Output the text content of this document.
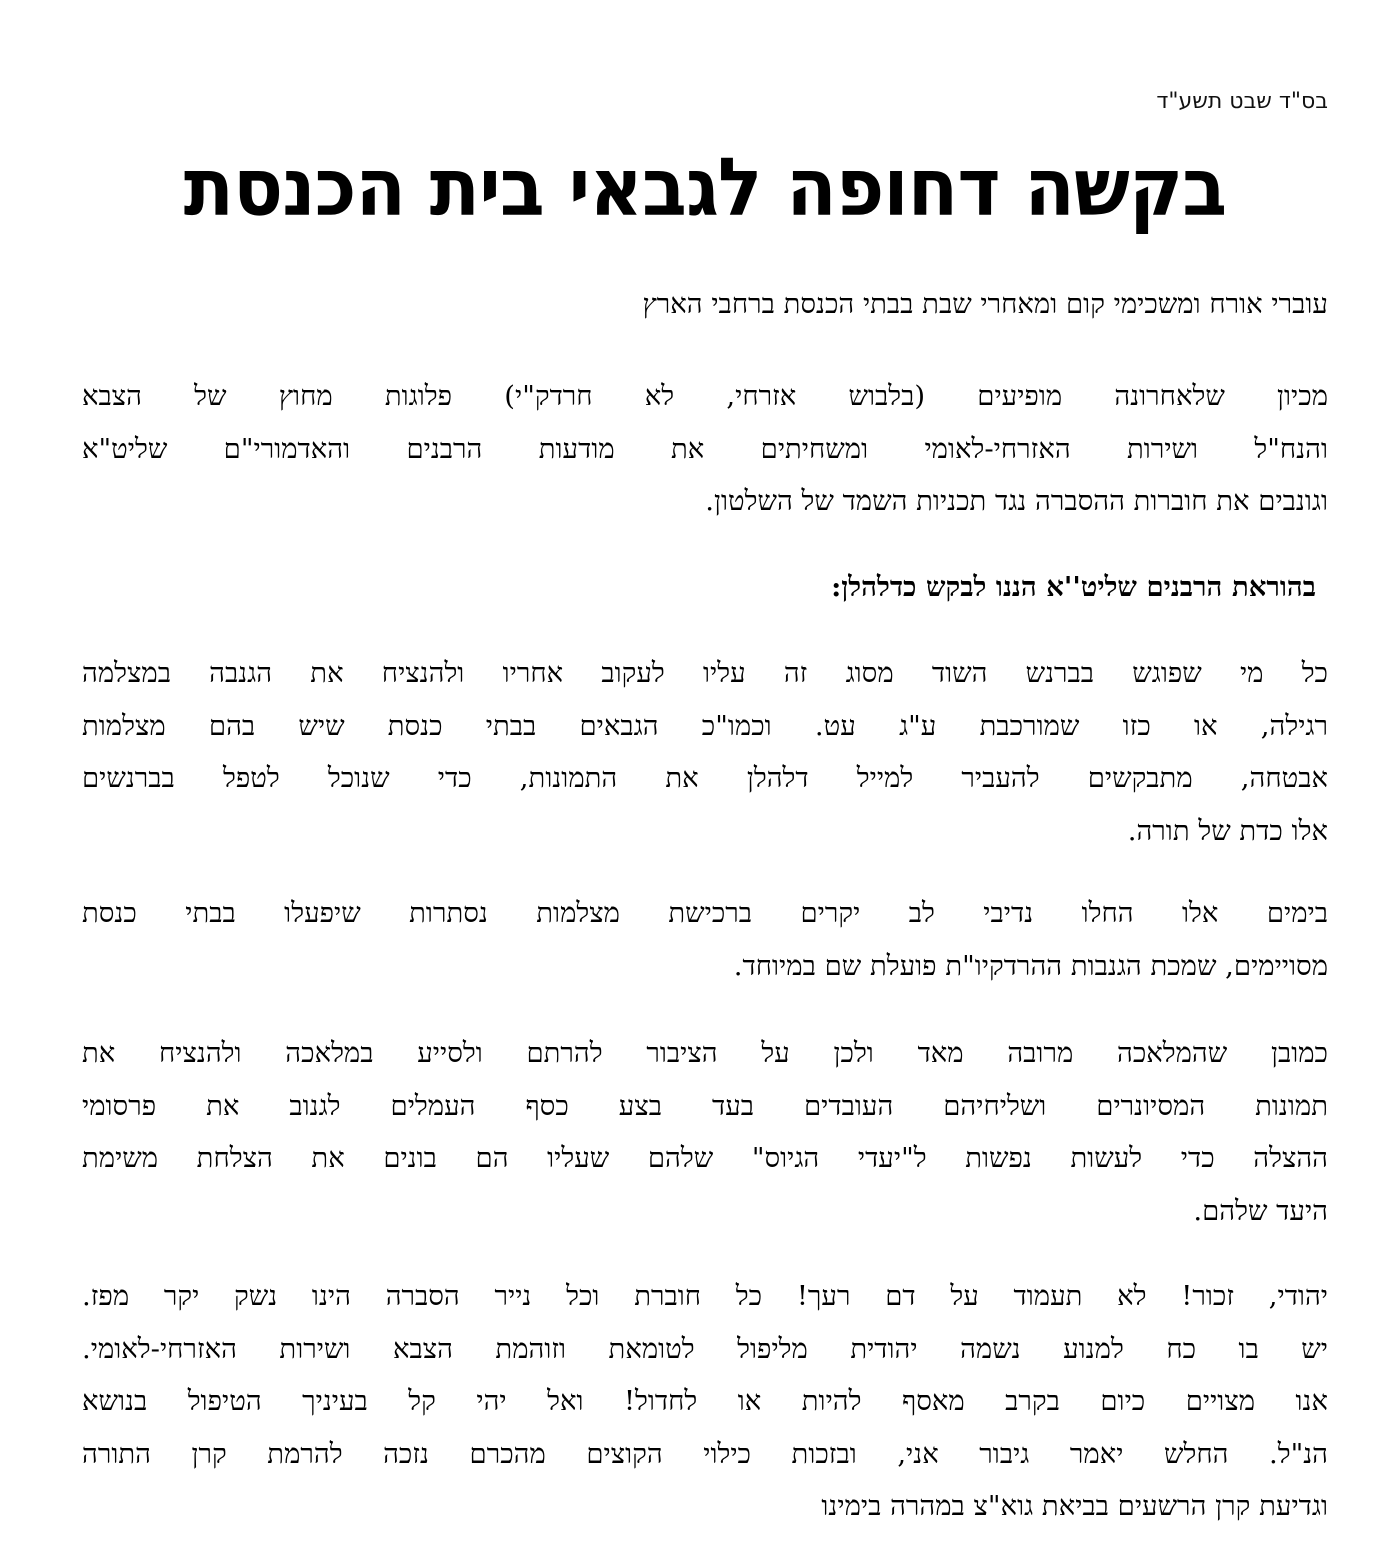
בס"ד שבט תשע"ד
בקשה דחופה לגבאי בית הכנסת

עוברי אורח ומשכימי קום ומאחרי שבת בבתי הכנסת ברחבי הארץ

מכיון שלאחרונה מופיעים (בלבוש אזרחי, לא חרדק"י) פלוגות מחוץ של הצבא
והנח"ל ושירות האזרחי-לאומי ומשחיתים את מודעות הרבנים והאדמורי"ם שליט"א
וגונבים את חוברות ההסברה נגד תכניות השמד של השלטון.

בהוראת הרבנים שליט''א הננו לבקש כדלהלן:

כל מי שפוגש בברנש השוד מסוג זה עליו לעקוב אחריו ולהנציח את הגנבה במצלמה
רגילה, או כזו שמורכבת ע"ג עט. וכמו"כ הגבאים בבתי כנסת שיש בהם מצלמות
אבטחה, מתבקשים להעביר למייל דלהלן את התמונות, כדי שנוכל לטפל בברנשים
אלו כדת של תורה.
בימים אלו החלו נדיבי לב יקרים ברכישת מצלמות נסתרות שיפעלו בבתי כנסת
מסויימים, שמכת הגנבות ההרדקיו"ת פועלת שם במיוחד.
כמובן שהמלאכה מרובה מאד ולכן על הציבור להרתם ולסייע במלאכה ולהנציח את
תמונות המסיונרים ושליחיהם העובדים בעד בצע כסף העמלים לגנוב את פרסומי
ההצלה כדי לעשות נפשות ל"יעדי הגיוס" שלהם שעליו הם בונים את הצלחת משימת
היעד שלהם.
יהודי, זכור! לא תעמוד על דם רעך! כל חוברת וכל נייר הסברה הינו נשק יקר מפז.
יש בו כח למנוע נשמה יהודית מליפול לטומאת וזוהמת הצבא ושירות האזרחי-לאומי.
אנו מצויים כיום בקרב מאסף להיות או לחדול! ואל יהי קל בעיניך הטיפול בנושא
הנ"ל. החלש יאמר גיבור אני, ובזכות כילוי הקוצים מהכרם נזכה להרמת קרן התורה
וגדיעת קרן הרשעים בביאת גוא"צ במהרה בימינו
